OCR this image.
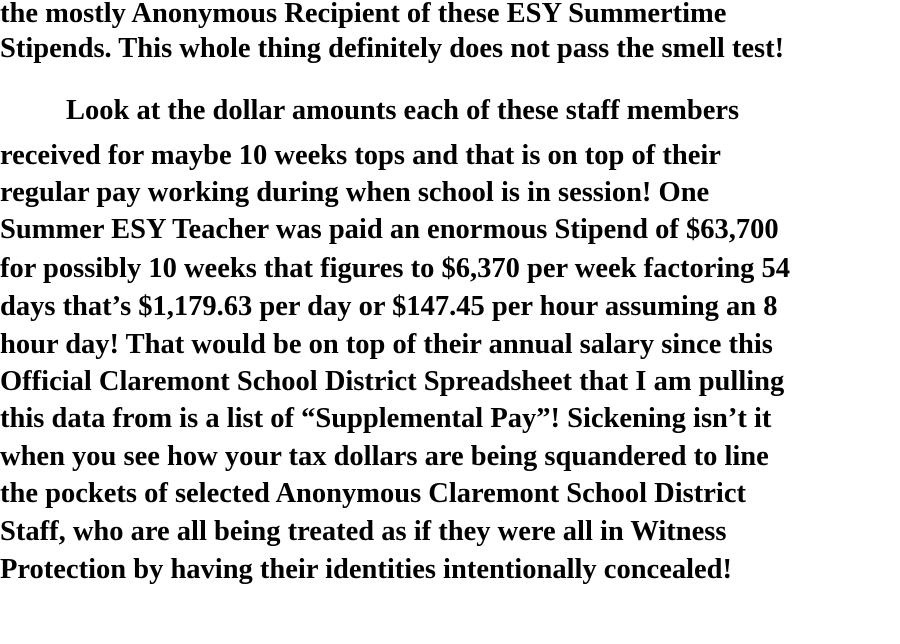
the mostly Anonymous Recipient of these ESY Summertime
Stipends. This whole thing definitely does not pass the smell test!
Look at the dollar amounts each of these staff members
received for maybe 10 weeks tops and that is on top of their
regular pay working during when school is in session! One
Summer ESY Teacher was paid an enormous Stipend of $63,700
for possibly 10 weeks that figures to $6,370 per week factoring 54
days that’s $1,179.63 per day or $147.45 per hour assuming an 8
hour day! That would be on top of their annual salary since this
Official Claremont School District Spreadsheet that I am pulling
this data from is a list of “Supplemental Pay”! Sickening isn’t it
when you see how your tax dollars are being squandered to line
the pockets of selected Anonymous Claremont School District
Staff, who are all being treated as if they were all in Witness
Protection by having their identities intentionally concealed!
